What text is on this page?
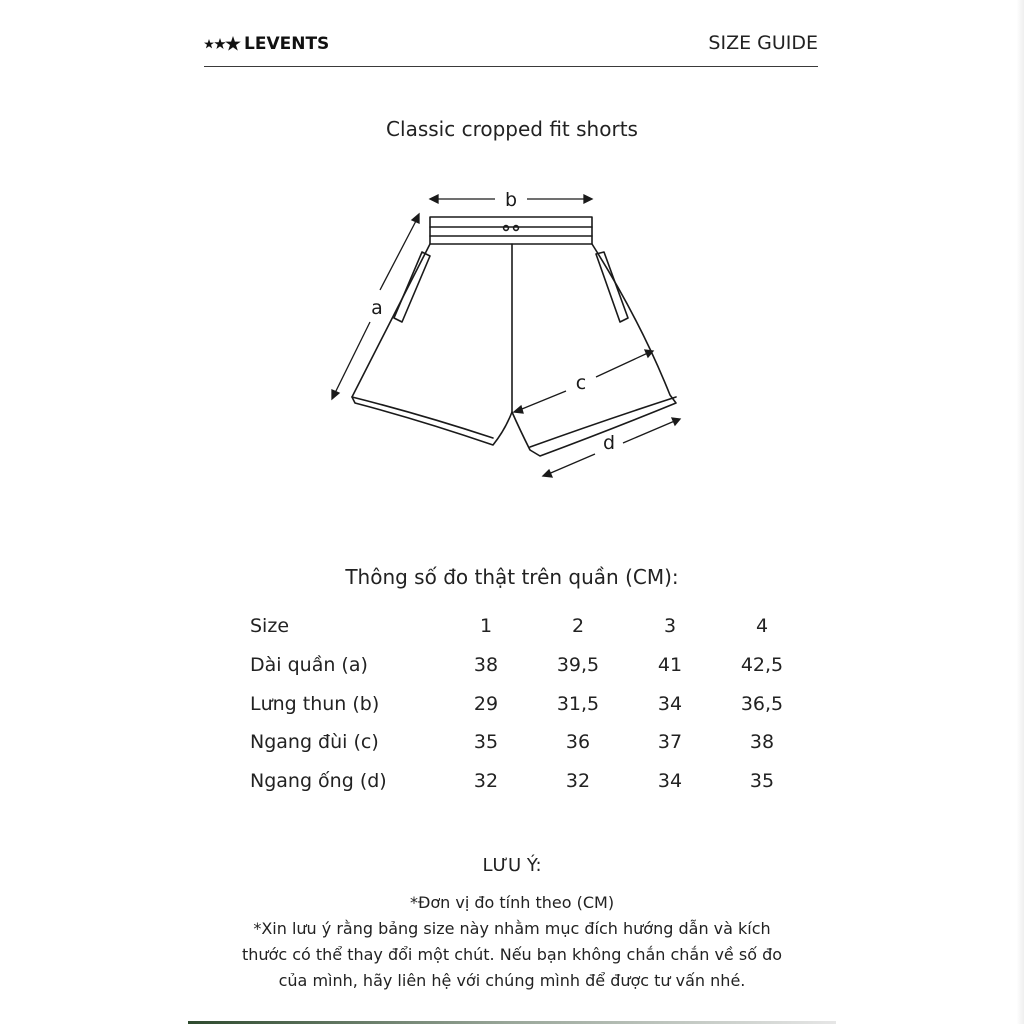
LEVENTS	SIZE GUIDE
Classic cropped fit shorts
b
a
c
d
Thông số đo thật trên quần (CM):
Size	1	2	3	4
Dài quần (a)	38	39,5	41	42,5
Lưng thun (b)	29	31,5	34	36,5
Ngang đùi (c)	35	36	37	38
Ngang ống (d)	32	32	34	35
LƯU Ý:
*Đơn vị đo tính theo (CM)
*Xin lưu ý rằng bảng size này nhằm mục đích hướng dẫn và kích
thước có thể thay đổi một chút. Nếu bạn không chắn chắn về số đo
của mình, hãy liên hệ với chúng mình để được tư vấn nhé.
